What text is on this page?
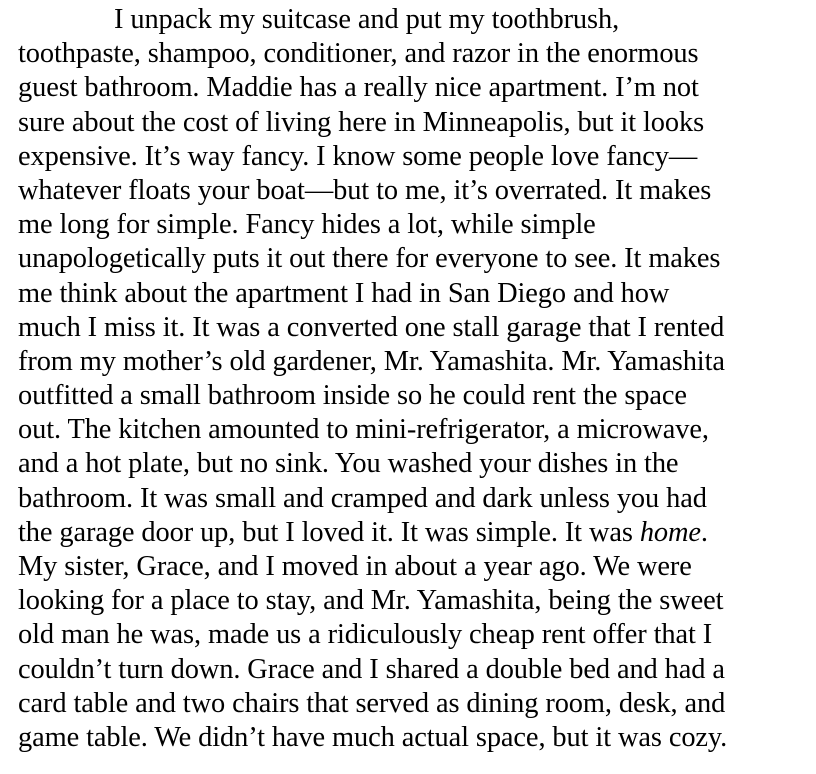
I unpack my suitcase and put my toothbrush,
toothpaste, shampoo, conditioner, and razor in the enormous
guest bathroom. Maddie has a really nice apartment. I’m not
sure about the cost of living here in Minneapolis, but it looks
expensive. It’s way fancy. I know some people love fancy—
whatever floats your boat—but to me, it’s overrated. It makes
me long for simple. Fancy hides a lot, while simple
unapologetically puts it out there for everyone to see. It makes
me think about the apartment I had in San Diego and how
much I miss it. It was a converted one stall garage that I rented
from my mother’s old gardener, Mr. Yamashita. Mr. Yamashita
outfitted a small bathroom inside so he could rent the space
out. The kitchen amounted to mini-refrigerator, a microwave,
and a hot plate, but no sink. You washed your dishes in the
bathroom. It was small and cramped and dark unless you had
the garage door up, but I loved it. It was simple. It was home.
My sister, Grace, and I moved in about a year ago. We were
looking for a place to stay, and Mr. Yamashita, being the sweet
old man he was, made us a ridiculously cheap rent offer that I
couldn’t turn down. Grace and I shared a double bed and had a
card table and two chairs that served as dining room, desk, and
game table. We didn’t have much actual space, but it was cozy.
